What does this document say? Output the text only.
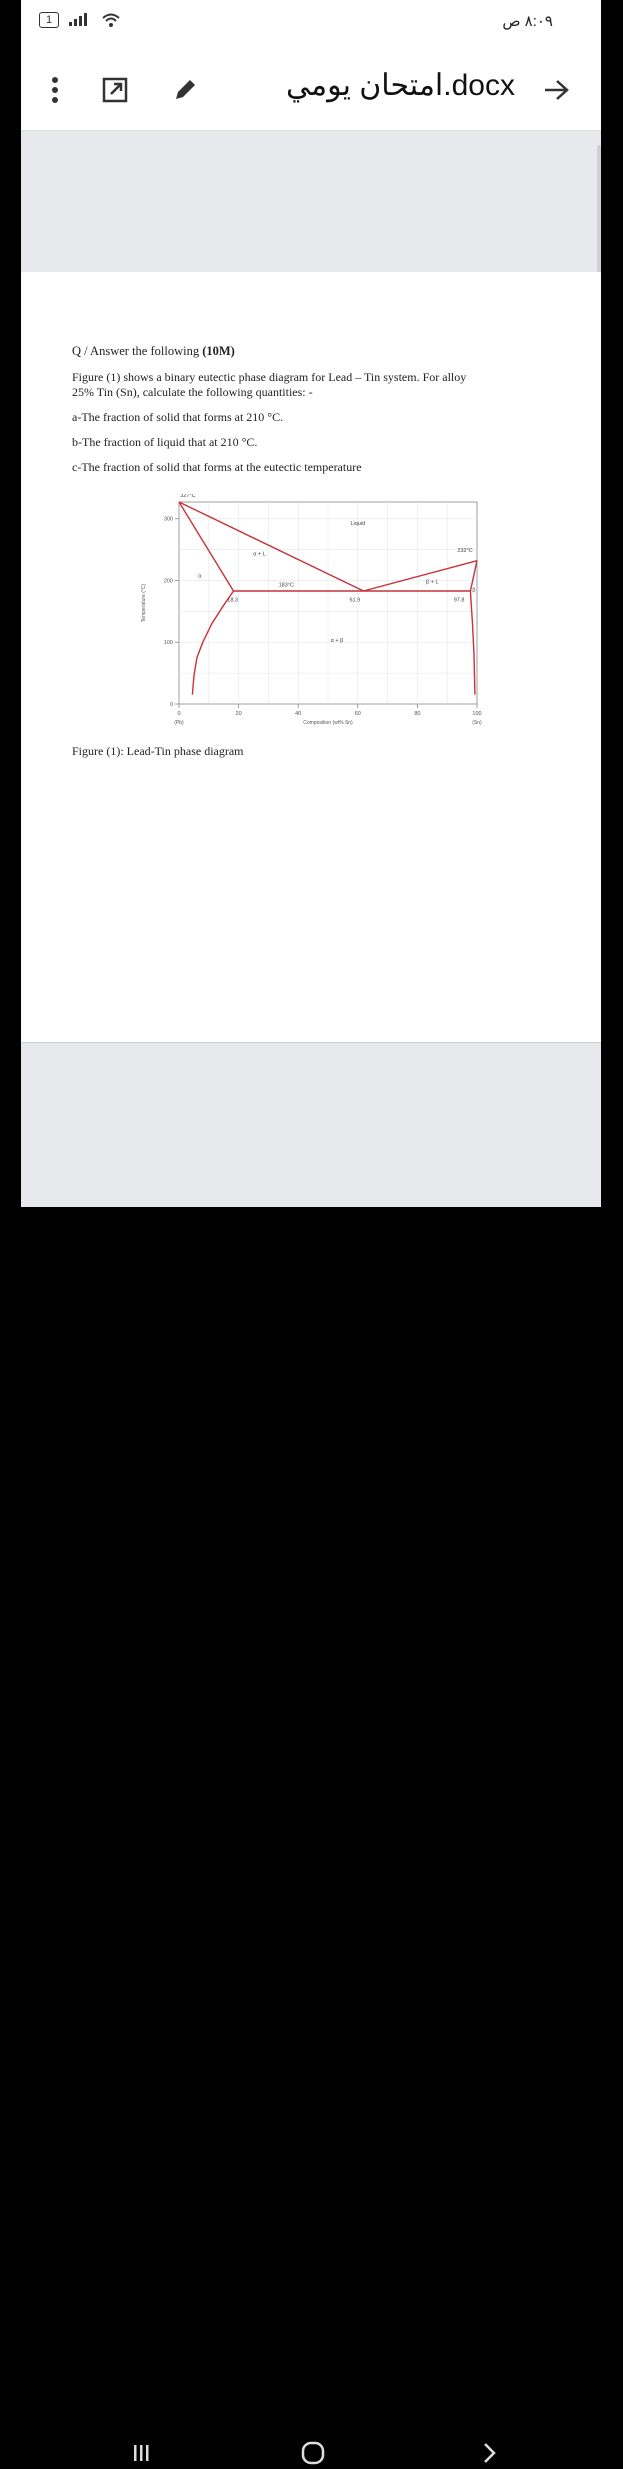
1	٨:٠٩ ص
امتحان يومي.docx

Q / Answer the following (10M)

Figure (1) shows a binary eutectic phase diagram for Lead – Tin system. For alloy

25% Tin (Sn), calculate the following quantities: -

a-The fraction of solid that forms at 210 °C.

b-The fraction of liquid that at 210 °C.

c-The fraction of solid that forms at the eutectic temperature

0	20	40	60	80	100
(Pb)	(Sn)
0
100
200
300
Composition (wt% Sn)
Temperature (°C)
327°C
Liquid
232°C
α + L
α
183°C
β + L
β
18.3	61.9	97.8
α + β
Figure (1): Lead-Tin phase diagram
